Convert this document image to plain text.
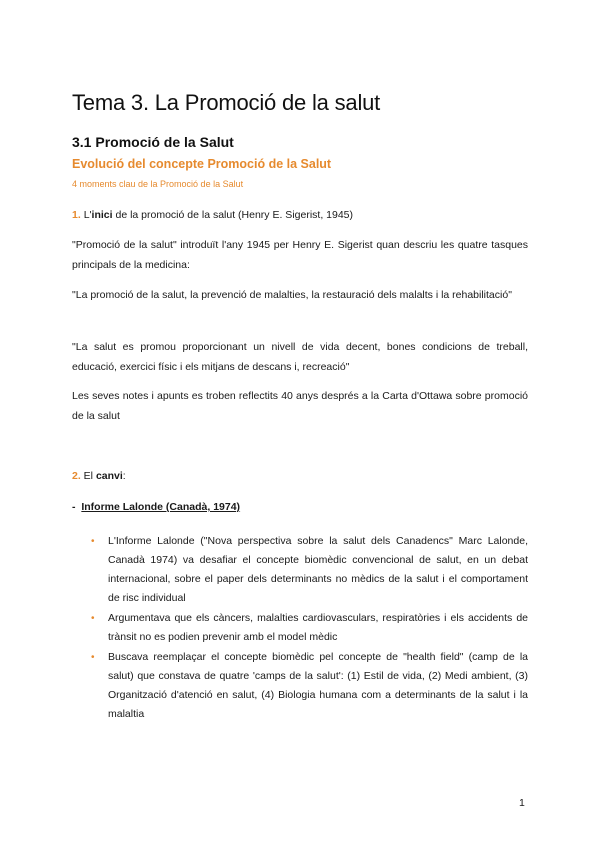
Tema 3. La Promoció de la salut
3.1 Promoció de la Salut
Evolució del concepte Promoció de la Salut

4 moments clau de la Promoció de la Salut

1. L'inici de la promoció de la salut (Henry E. Sigerist, 1945)

"Promoció de la salut" introduït l'any 1945 per Henry E. Sigerist quan descriu les quatre tasques principals de la medicina:

"La promoció de la salut, la prevenció de malalties, la restauració dels malalts i la rehabilitació"

"La salut es promou proporcionant un nivell de vida decent, bones condicions de treball, educació, exercici físic i els mitjans de descans i, recreació"

Les seves notes i apunts es troben reflectits 40 anys després a la Carta d'Ottawa sobre promoció de la salut

2. El canvi:

- Informe Lalonde (Canadà, 1974)

• L'Informe Lalonde ("Nova perspectiva sobre la salut dels Canadencs" Marc Lalonde, Canadà 1974) va desafiar el concepte biomèdic convencional de salut, en un debat internacional, sobre el paper dels determinants no mèdics de la salut i el comportament de risc individual
• Argumentava que els càncers, malalties cardiovasculars, respiratòries i els accidents de trànsit no es podien prevenir amb el model mèdic
• Buscava reemplaçar el concepte biomèdic pel concepte de "health field" (camp de la salut) que constava de quatre 'camps de la salut': (1) Estil de vida, (2) Medi ambient, (3) Organització d'atenció en salut, (4) Biologia humana com a determinants de la salut i la malaltia

1
